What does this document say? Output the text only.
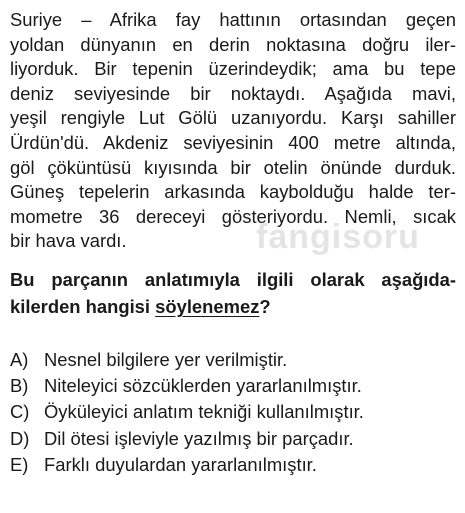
fangisoru
Suriye – Afrika fay hattının ortasından geçen
yoldan dünyanın en derin noktasına doğru iler-
liyorduk. Bir tepenin üzerindeydik; ama bu tepe
deniz seviyesinde bir noktaydı. Aşağıda mavi,
yeşil rengiyle Lut Gölü uzanıyordu. Karşı sahiller
Ürdün'dü. Akdeniz seviyesinin 400 metre altında,
göl çöküntüsü kıyısında bir otelin önünde durduk.
Güneş tepelerin arkasında kaybolduğu halde ter-
mometre 36 dereceyi gösteriyordu. Nemli, sıcak
bir hava vardı.
Bu parçanın anlatımıyla ilgili olarak aşağıda-
kilerden hangisi söylenemez?
A) Nesnel bilgilere yer verilmiştir.
B) Niteleyici sözcüklerden yararlanılmıştır.
C) Öyküleyici anlatım tekniği kullanılmıştır.
D) Dil ötesi işleviyle yazılmış bir parçadır.
E) Farklı duyulardan yararlanılmıştır.
